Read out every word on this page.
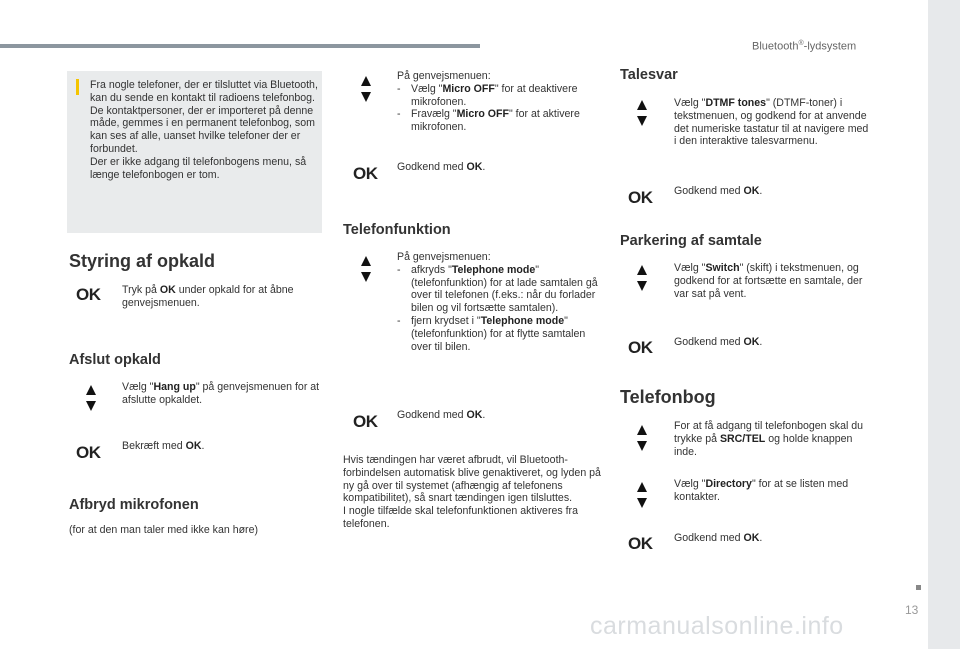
Bluetooth®-lydsystem

Fra nogle telefoner, der er tilsluttet via Bluetooth, kan du sende en kontakt til radioens telefonbog.

De kontaktpersoner, der er importeret på denne måde, gemmes i en permanent telefonbog, som kan ses af alle, uanset hvilke telefoner der er forbundet.

Der er ikke adgang til telefonbogens menu, så længe telefonbogen er tom.

Styring af opkald
OK Tryk på OK under opkald for at åbne genvejsmenuen.
Afslut opkald
Vælg "Hang up" på genvejsmenuen for at afslutte opkaldet.
OK Bekræft med OK.
Afbryd mikrofonen
(for at den man taler med ikke kan høre)

På genvejsmenuen:

- Vælg "Micro OFF" for at deaktivere mikrofonen.

- Fravælg "Micro OFF" for at aktivere mikrofonen.

OK Godkend med OK.
Telefonfunktion

På genvejsmenuen:

- afkryds "Telephone mode" (telefonfunktion) for at lade samtalen gå over til telefonen (f.eks.: når du forlader bilen og vil fortsætte samtalen).

- fjern krydset i "Telephone mode" (telefonfunktion) for at flytte samtalen over til bilen.

OK Godkend med OK.

Hvis tændingen har været afbrudt, vil Bluetooth-forbindelsen automatisk blive genaktiveret, og lyden på ny gå over til systemet (afhængig af telefonens kompatibilitet), så snart tændingen igen tilsluttes.

I nogle tilfælde skal telefonfunktionen aktiveres fra telefonen.

Talesvar
Vælg "DTMF tones" (DTMF-toner) i tekstmenuen, og godkend for at anvende det numeriske tastatur til at navigere med i den interaktive talesvarmenu.
OK Godkend med OK.
Parkering af samtale
Vælg "Switch" (skift) i tekstmenuen, og godkend for at fortsætte en samtale, der var sat på vent.
OK Godkend med OK.
Telefonbog
For at få adgang til telefonbogen skal du trykke på SRC/TEL og holde knappen inde.
Vælg "Directory" for at se listen med kontakter.
OK Godkend med OK.
13
carmanualsonline.info
